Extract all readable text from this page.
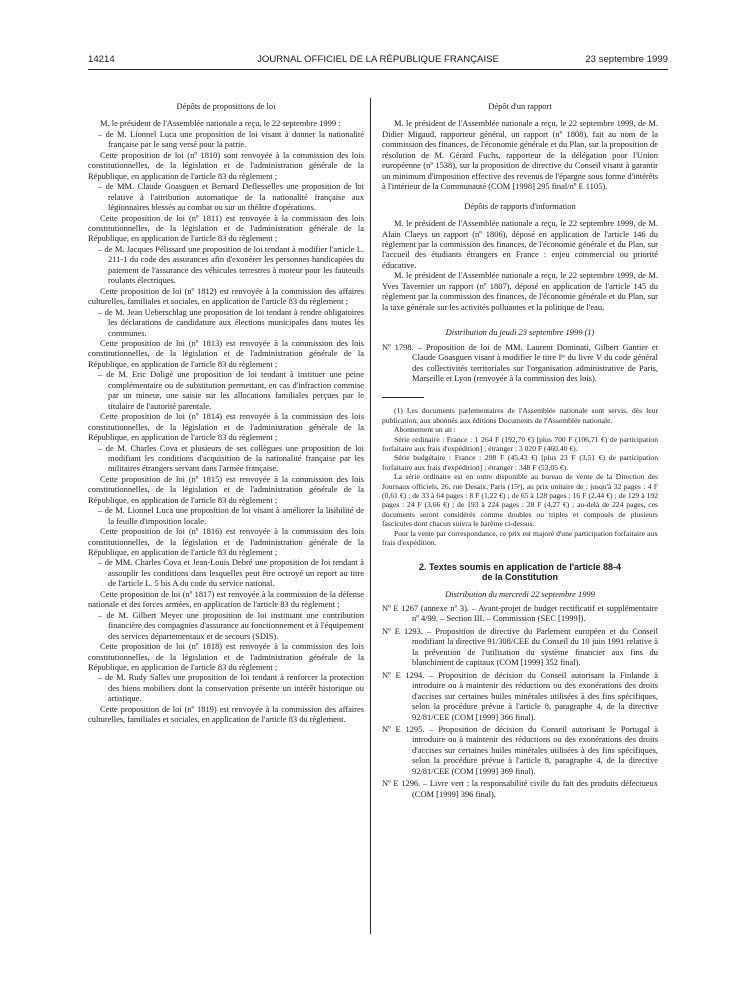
14214	JOURNAL OFFICIEL DE LA RÉPUBLIQUE FRANÇAISE	23 septembre 1999

Dépôts de propositions de loi

M. le président de l'Assemblée nationale a reçu, le 22 septembre 1999 :

– de M. Lionnel Luca une proposition de loi visant à donner la nationalité française par le sang versé pour la patrie.

Cette proposition de loi (nº 1810) sont renvoyée à la commission des lois constitutionnelles, de la législation et de l'administration générale de la République, en application de l'article 83 du règlement ;

– de MM. Claude Goasguen et Bernard Deflesselles une proposition de loi relative à l'attribution automatique de la nationalité française aux légionnaires blessés au combat ou sur un théâtre d'opérations.

Cette proposition de loi (nº 1811) est renvoyée à la commission des lois constitutionnelles, de la législation et de l'administration générale de la République, en application de l'article 83 du règlement ;

– de M. Jacques Pélissard une proposition de loi tendant à modifier l'article L. 211-1 du code des assurances afin d'exonérer les personnes handicapées du paiement de l'assurance des véhicules terrestres à moteur pour les fauteuils roulants électriques.

Cette proposition de loi (nº 1812) est renvoyée à la commission des affaires culturelles, familiales et sociales, en application de l'article 83 du règlement ;

– de M. Jean Ueberschlag une proposition de loi tendant à rendre obligatoires les déclarations de candidature aux élections municipales dans toutes les communes.

Cette proposition de loi (nº 1813) est renvoyée à la commission des lois constitutionnelles, de la législation et de l'administration générale de la République, en application de l'article 83 du règlement ;

– de M. Eric Doligé une proposition de loi tendant à instituer une peine complémentaire ou de substitution permettant, en cas d'infraction commise par un mineur, une saisie sur les allocations familiales perçues par le titulaire de l'autorité parentale.

Cette proposition de loi (nº 1814) est renvoyée à la commission des lois constitutionnelles, de la législation et de l'administration générale de la République, en application de l'article 83 du règlement ;

– de M. Charles Cova et plusieurs de ses collègues une proposition de loi modifiant les conditions d'acquisition de la nationalité française par les militaires étrangers servant dans l'armée française.

Cette proposition de loi (nº 1815) est renvoyée à la commission des lois constitutionnelles, de la législation et de l'administration générale de la République, en application de l'article 83 du règlement ;

– de M. Lionnel Luca une proposition de loi visant à améliorer la lisibilité de la feuille d'imposition locale.

Cette proposition de loi (nº 1816) est renvoyée à la commission des lois constitutionnelles, de la législation et de l'administration générale de la République, en application de l'article 83 du règlement ;

– de MM. Charles Cova et Jean-Louis Debré une proposition de loi tendant à assouplir les conditions dans lesquelles peut être octroyé un report au titre de l'article L. 5 bis A du code du service national.

Cette proposition de loi (nº 1817) est renvoyée à la commission de la défense nationale et des forces armées, en application de l'article 83 du règlement ;

– de M. Gilbert Meyer une proposition de loi instituant une contribution financière des compagnies d'assurance au fonctionnement et à l'équipement des services départementaux et de secours (SDIS).

Cette proposition de loi (nº 1818) est renvoyée à la commission des lois constitutionnelles, de la législation et de l'administration générale de la République, en application de l'article 83 du règlement ;

– de M. Rudy Salles une proposition de loi tendant à renforcer la protection des biens mobiliers dont la conservation présente un intérêt historique ou artistique.

Cette proposition de loi (nº 1819) est renvoyée à la commission des affaires culturelles, familiales et sociales, en application de l'article 83 du règlement.

Dépôt d'un rapport

M. le président de l'Assemblée nationale a reçu, le 22 septembre 1999, de M. Didier Migaud, rapporteur général, un rapport (nº 1808), fait au nom de la commission des finances, de l'économie générale et du Plan, sur la proposition de résolution de M. Gérard Fuchs, rapporteur de la délégation pour l'Union européenne (nº 1538), sur la proposition de directive du Conseil visant à garantir un minimum d'imposition effective des revenus de l'épargne sous forme d'intérêts à l'intérieur de la Communauté (COM [1998] 295 final/nº E 1105).

Dépôts de rapports d'information

M. le président de l'Assemblée nationale a reçu, le 22 septembre 1999, de M. Alain Claeys un rapport (nº 1806), déposé en application de l'article 146 du règlement par la commission des finances, de l'économie générale et du Plan, sur l'accueil des étudiants étrangers en France : enjeu commercial ou priorité éducative.

M. le président de l'Assemblée nationale a reçu, le 22 septembre 1999, de M. Yves Tavernier un rapport (nº 1807), déposé en application de l'article 145 du règlement par la commission des finances, de l'économie générale et du Plan, sur la taxe générale sur les activités polluantes et la politique de l'eau.

Distribution du jeudi 23 septembre 1999 (1)

Nº 1798. – Proposition de loi de MM. Laurent Dominati, Gilbert Gantier et Claude Goasguen visant à modifier le titre Iᵉʳ du livre V du code général des collectivités territoriales sur l'organisation administrative de Paris, Marseille et Lyon (renvoyée à la commission des lois).

(1) Les documents parlementaires de l'Assemblée nationale sont servis, dès leur publication, aux abonnés aux éditions Documents de l'Assemblée nationale.

Abonnement un an :

Série ordinaire : France : 1 264 F (192,70 €) [plus 700 F (106,71 €) de participation forfaitaire aux frais d'expédition] ; étranger : 3 020 F (460,40 €).

Série budgétaire : France : 298 F (45,43 €) [plus 23 F (3,51 €) de participation forfaitaire aux frais d'expédition] ; étranger : 348 F (53,05 €).

La série ordinaire est en outre disponible au bureau de vente de la Direction des Journaux officiels, 26, rue Desaix, Paris (15ᵉ), au prix unitaire de : jusqu'à 32 pages : 4 F (0,61 €) ; de 33 à 64 pages : 8 F (1,22 €) ; de 65 à 128 pages : 16 F (2,44 €) ; de 129 à 192 pages : 24 F (3,66 €) ; de 193 à 224 pages : 28 F (4,27 €) ; au-delà de 224 pages, ces documents seront considérés comme doubles ou triples et composés de plusieurs fascicules dont chacun suivra le barème ci-dessus.

Pour la vente par correspondance, ce prix est majoré d'une participation forfaitaire aux frais d'expédition.

2. Textes soumis en application de l'article 88-4
de la Constitution

Distribution du mercredi 22 septembre 1999

Nº E 1267 (annexe nº 3). – Avant-projet de budget rectificatif et supplémentaire nº 4/99. – Section III. – Commission (SEC [1999]).

Nº E 1293. – Proposition de directive du Parlement européen et du Conseil modifiant la directive 91/308/CEE du Conseil du 10 juin 1991 relative à la prévention de l'utilisation du système financier aux fins du blanchiment de capitaux (COM [1999] 352 final).

Nº E 1294. – Proposition de décision du Conseil autorisant la Finlande à introduire ou à maintenir des réductions ou des exonérations des droits d'accises sur certaines huiles minérales utilisées à des fins spécifiques, selon la procédure prévue à l'article 8, paragraphe 4, de la directive 92/81/CEE (COM [1999] 366 final).

Nº E 1295. – Proposition de décision du Conseil autorisant le Portugal à introduire ou à maintenir des réductions ou des exonérations des droits d'accises sur certaines huiles minérales utilisées à des fins spécifiques, selon la procédure prévue à l'article 8, paragraphe 4, de la directive 92/81/CEE (COM [1999] 369 final).

Nº E 1296. – Livre vert : la responsabilité civile du fait des produits défectueux (COM [1999] 396 final).
